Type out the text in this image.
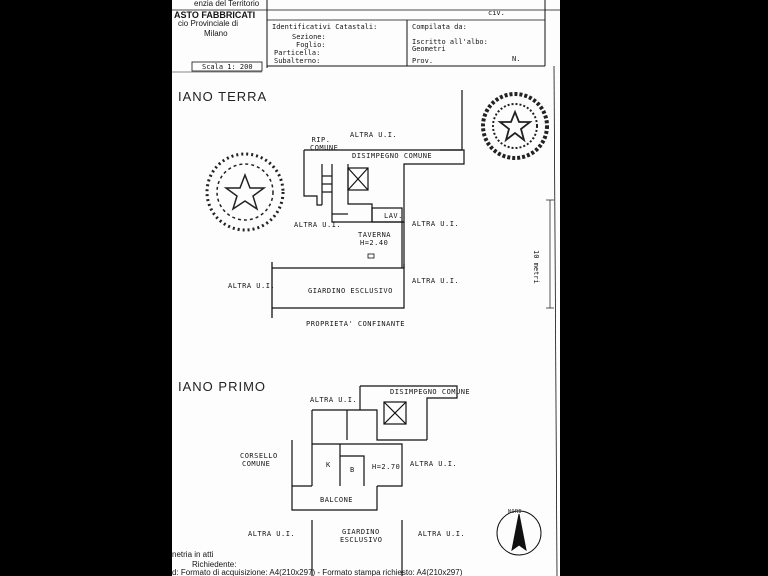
enzia del Territorio
ASTO FABBRICATI
cio Provinciale di
Milano
Scala 1: 200
Identificativi Catastali:
Sezione:
Foglio:
Particella:
Subalterno:
Compilata da:
Iscritto all'albo:
Geometri
Prov.
civ.
N.
IANO TERRA
RIP. COMUNE
ALTRA U.I.
DISIMPEGNO COMUNE
LAV.
ALTRA U.I.	ALTRA U.I.
TAVERNA
H=2.40
ALTRA U.I.
ALTRA U.I.
GIARDINO ESCLUSIVO
PROPRIETA' CONFINANTE
IANO PRIMO
ALTRA U.I.
DISIMPEGNO COMUNE
CORSELLO
COMUNE	K
B H=2.70 ALTRA U.I.
BALCONE
ALTRA U.I.	ALTRA U.I.
GIARDINO
ESCLUSIVO
10 metri
NORD
netria in atti
Richiedente:
d: Formato di acquisizione: A4(210x297) - Formato stampa richiesto: A4(210x297)
